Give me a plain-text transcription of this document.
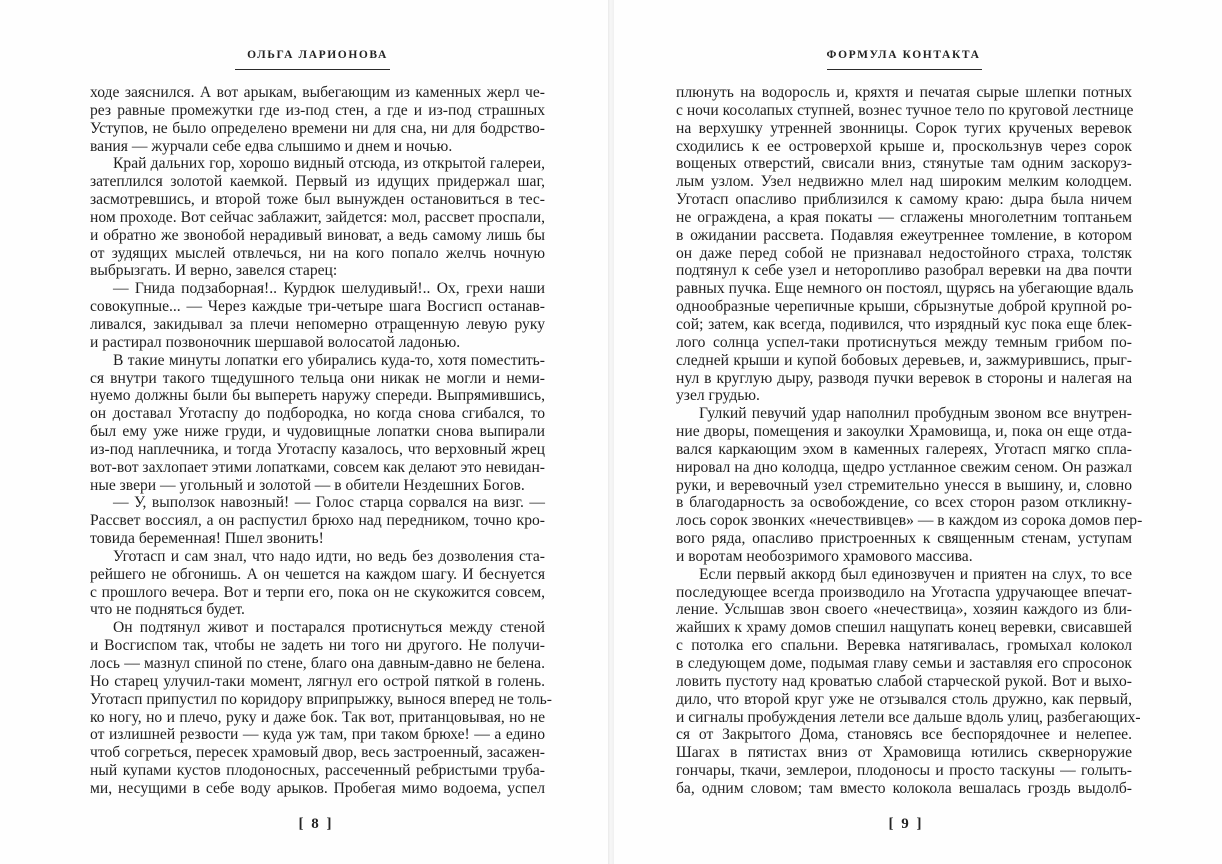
ОЛЬГА ЛАРИОНОВА
ходе заяснился. А вот арыкам, выбегающим из каменных жерл че-
рез равные промежутки где из-под стен, а где и из-под страшных
Уступов, не было определено времени ни для сна, ни для бодрство-
вания — журчали себе едва слышимо и днем и ночью.
Край дальних гор, хорошо видный отсюда, из открытой галереи,
затеплился золотой каемкой. Первый из идущих придержал шаг,
засмотревшись, и второй тоже был вынужден остановиться в тес-
ном проходе. Вот сейчас заблажит, зайдется: мол, рассвет проспали,
и обратно же звонобой нерадивый виноват, а ведь самому лишь бы
от зудящих мыслей отвлечься, ни на кого попало желчь ночную
выбрызгать. И верно, завелся старец:
— Гнида подзаборная!.. Курдюк шелудивый!.. Ох, грехи наши
совокупные... — Через каждые три-четыре шага Восгисп останав-
ливался, закидывал за плечи непомерно отращенную левую руку
и растирал позвоночник шершавой волосатой ладонью.
В такие минуты лопатки его убирались куда-то, хотя поместить-
ся внутри такого тщедушного тельца они никак не могли и неми-
нуемо должны были бы выпереть наружу спереди. Выпрямившись,
он доставал Уготаспу до подбородка, но когда снова сгибался, то
был ему уже ниже груди, и чудовищные лопатки снова выпирали
из-под наплечника, и тогда Уготаспу казалось, что верховный жрец
вот-вот захлопает этими лопатками, совсем как делают это невидан-
ные звери — угольный и золотой — в обители Нездешних Богов.
— У, выползок навозный! — Голос старца сорвался на визг. —
Рассвет воссиял, а он распустил брюхо над передником, точно кро-
товида беременная! Пшел звонить!
Уготасп и сам знал, что надо идти, но ведь без дозволения ста-
рейшего не обгонишь. А он чешется на каждом шагу. И беснуется
с прошлого вечера. Вот и терпи его, пока он не скукожится совсем,
что не подняться будет.
Он подтянул живот и постарался протиснуться между стеной
и Восгиспом так, чтобы не задеть ни того ни другого. Не получи-
лось — мазнул спиной по стене, благо она давным-давно не белена.
Но старец улучил-таки момент, лягнул его острой пяткой в голень.
Уготасп припустил по коридору вприпрыжку, вынося вперед не толь-
ко ногу, но и плечо, руку и даже бок. Так вот, пританцовывая, но не
от излишней резвости — куда уж там, при таком брюхе! — а едино
чтоб согреться, пересек храмовый двор, весь застроенный, засажен-
ный купами кустов плодоносных, рассеченный ребристыми труба-
ми, несущими в себе воду арыков. Пробегая мимо водоема, успел
[ 8 ]
ФОРМУЛА КОНТАКТА
плюнуть на водоросль и, кряхтя и печатая сырые шлепки потных
с ночи косолапых ступней, вознес тучное тело по круговой лестнице
на верхушку утренней звонницы. Сорок тугих крученых веревок
сходились к ее островерхой крыше и, проскользнув через сорок
вощеных отверстий, свисали вниз, стянутые там одним заскоруз-
лым узлом. Узел недвижно млел над широким мелким колодцем.
Уготасп опасливо приблизился к самому краю: дыра была ничем
не ограждена, а края покаты — сглажены многолетним топтаньем
в ожидании рассвета. Подавляя ежеутреннее томление, в котором
он даже перед собой не признавал недостойного страха, толстяк
подтянул к себе узел и неторопливо разобрал веревки на два почти
равных пучка. Еще немного он постоял, щурясь на убегающие вдаль
однообразные черепичные крыши, сбрызнутые доброй крупной ро-
сой; затем, как всегда, подивился, что изрядный кус пока еще блек-
лого солнца успел-таки протиснуться между темным грибом по-
следней крыши и купой бобовых деревьев, и, зажмурившись, прыг-
нул в круглую дыру, разводя пучки веревок в стороны и налегая на
узел грудью.
Гулкий певучий удар наполнил пробудным звоном все внутрен-
ние дворы, помещения и закоулки Храмовища, и, пока он еще отда-
вался каркающим эхом в каменных галереях, Уготасп мягко спла-
нировал на дно колодца, щедро устланное свежим сеном. Он разжал
руки, и веревочный узел стремительно унесся в вышину, и, словно
в благодарность за освобождение, со всех сторон разом откликну-
лось сорок звонких «нечествивцев» — в каждом из сорока домов пер-
вого ряда, опасливо пристроенных к священным стенам, уступам
и воротам необозримого храмового массива.
Если первый аккорд был единозвучен и приятен на слух, то все
последующее всегда производило на Уготаспа удручающее впечат-
ление. Услышав звон своего «нечествица», хозяин каждого из бли-
жайших к храму домов спешил нащупать конец веревки, свисавшей
с потолка его спальни. Веревка натягивалась, громыхал колокол
в следующем доме, подымая главу семьи и заставляя его спросонок
ловить пустоту над кроватью слабой старческой рукой. Вот и выхо-
дило, что второй круг уже не отзывался столь дружно, как первый,
и сигналы пробуждения летели все дальше вдоль улиц, разбегающих-
ся от Закрытого Дома, становясь все беспорядочнее и нелепее.
Шагах в пятистах вниз от Храмовища ютились скверноружие
гончары, ткачи, землерои, плодоносы и просто таскуны — голыть-
ба, одним словом; там вместо колокола вешалась гроздь выдолб-
[ 9 ]
